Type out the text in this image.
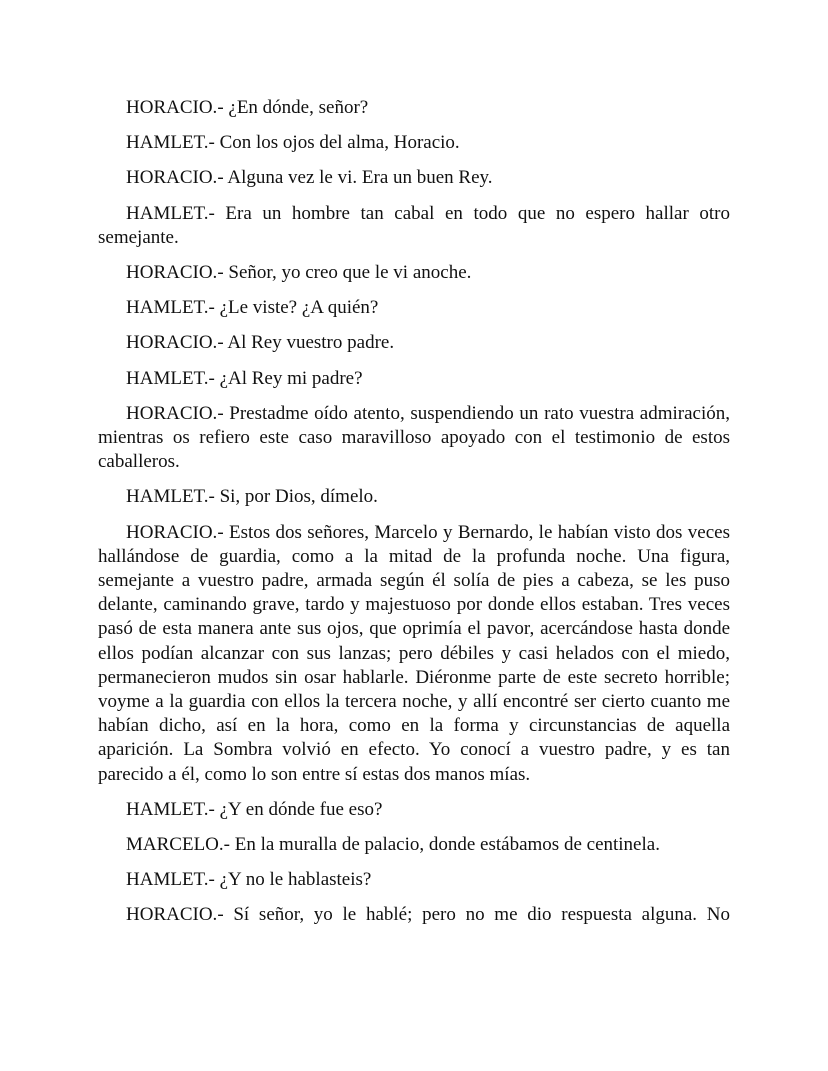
HORACIO.- ¿En dónde, señor?

HAMLET.- Con los ojos del alma, Horacio.

HORACIO.- Alguna vez le vi. Era un buen Rey.

HAMLET.- Era un hombre tan cabal en todo que no espero hallar otro semejante.

HORACIO.- Señor, yo creo que le vi anoche.

HAMLET.- ¿Le viste? ¿A quién?

HORACIO.- Al Rey vuestro padre.

HAMLET.- ¿Al Rey mi padre?

HORACIO.- Prestadme oído atento, suspendiendo un rato vuestra admiración, mientras os refiero este caso maravilloso apoyado con el testimonio de estos caballeros.

HAMLET.- Si, por Dios, dímelo.

HORACIO.- Estos dos señores, Marcelo y Bernardo, le habían visto dos veces hallándose de guardia, como a la mitad de la profunda noche. Una figura, semejante a vuestro padre, armada según él solía de pies a cabeza, se les puso delante, caminando grave, tardo y majestuoso por donde ellos estaban. Tres veces pasó de esta manera ante sus ojos, que oprimía el pavor, acercándose hasta donde ellos podían alcanzar con sus lanzas; pero débiles y casi helados con el miedo, permanecieron mudos sin osar hablarle. Diéronme parte de este secreto horrible; voyme a la guardia con ellos la tercera noche, y allí encontré ser cierto cuanto me habían dicho, así en la hora, como en la forma y circunstancias de aquella aparición. La Sombra volvió en efecto. Yo conocí a vuestro padre, y es tan parecido a él, como lo son entre sí estas dos manos mías.

HAMLET.- ¿Y en dónde fue eso?

MARCELO.- En la muralla de palacio, donde estábamos de centinela.

HAMLET.- ¿Y no le hablasteis?

HORACIO.- Sí señor, yo le hablé; pero no me dio respuesta alguna. No
